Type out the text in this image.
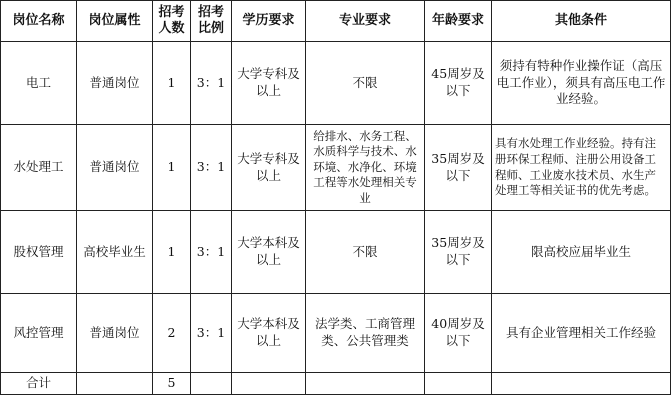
岗位名称	岗位属性	招考人数	招考比例	学历要求	专业要求	年龄要求	其他条件
电工	普通岗位	1	3：1	大学专科及以上	不限	45周岁及以下	须持有特种作业操作证（高压电工作业），须具有高压电工作业经验。
水处理工	普通岗位	1	3：1	大学专科及以上	给排水、水务工程、水质科学与技术、水环境、水净化、环境工程等水处理相关专业	35周岁及以下	具有水处理工作业经验。持有注册环保工程师、注册公用设备工程师、工业废水技术员、水生产处理工等相关证书的优先考虑。
股权管理	高校毕业生	1	3：1	大学本科及以上	不限	35周岁及以下	限高校应届毕业生
风控管理	普通岗位	2	3：1	大学本科及以上	法学类、工商管理类、公共管理类	40周岁及以下	具有企业管理相关工作经验
合计		5					
